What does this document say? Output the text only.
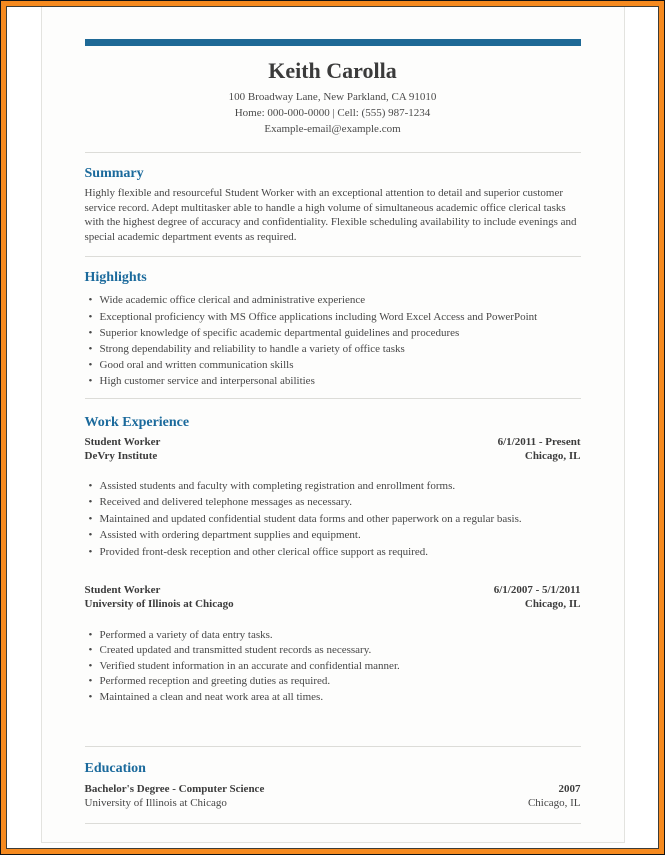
Keith Carolla
100 Broadway Lane, New Parkland, CA 91010
Home: 000-000-0000 | Cell: (555) 987-1234
Example-email@example.com
Summary
Highly flexible and resourceful Student Worker with an exceptional attention to detail and superior customer service record. Adept multitasker able to handle a high volume of simultaneous academic office clerical tasks with the highest degree of accuracy and confidentiality. Flexible scheduling availability to include evenings and special academic department events as required.
Highlights
• Wide academic office clerical and administrative experience
• Exceptional proficiency with MS Office applications including Word Excel Access and PowerPoint
• Superior knowledge of specific academic departmental guidelines and procedures
• Strong dependability and reliability to handle a variety of office tasks
• Good oral and written communication skills
• High customer service and interpersonal abilities
Work Experience
Student Worker
DeVry Institute
6/1/2011 - Present
Chicago, IL
• Assisted students and faculty with completing registration and enrollment forms.
• Received and delivered telephone messages as necessary.
• Maintained and updated confidential student data forms and other paperwork on a regular basis.
• Assisted with ordering department supplies and equipment.
• Provided front-desk reception and other clerical office support as required.
Student Worker
University of Illinois at Chicago
6/1/2007 - 5/1/2011
Chicago, IL
• Performed a variety of data entry tasks.
• Created updated and transmitted student records as necessary.
• Verified student information in an accurate and confidential manner.
• Performed reception and greeting duties as required.
• Maintained a clean and neat work area at all times.
Education
Bachelor's Degree - Computer Science	2007
University of Illinois at Chicago	Chicago, IL
